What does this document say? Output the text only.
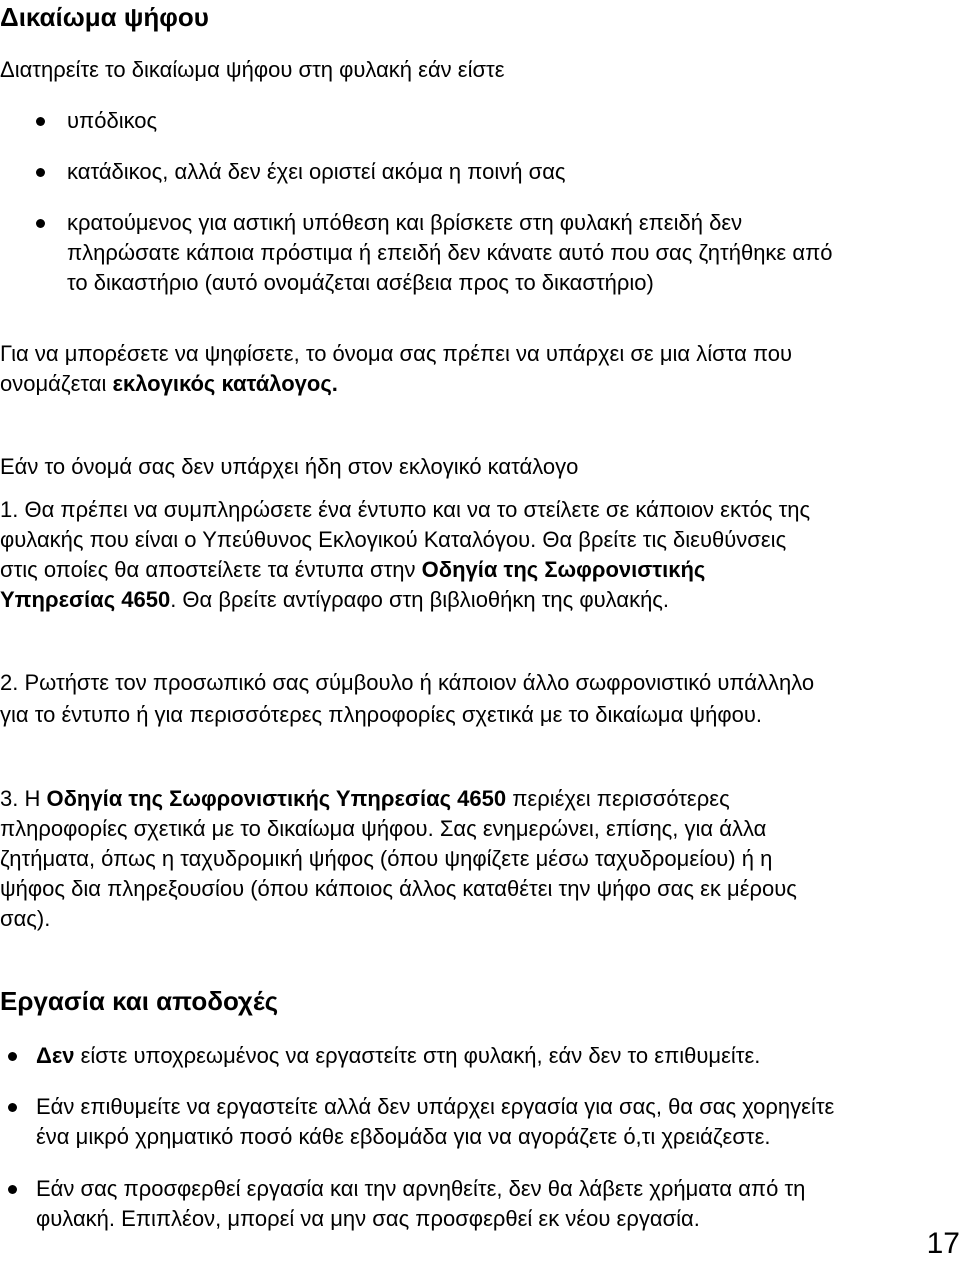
Δικαίωμα ψήφου
Διατηρείτε το δικαίωμα ψήφου στη φυλακή εάν είστε
υπόδικος
κατάδικος, αλλά δεν έχει οριστεί ακόμα η ποινή σας
κρατούμενος για αστική υπόθεση και βρίσκετε στη φυλακή επειδή δεν
πληρώσατε κάποια πρόστιμα ή επειδή δεν κάνατε αυτό που σας ζητήθηκε από
το δικαστήριο (αυτό ονομάζεται ασέβεια προς το δικαστήριο)
Για να μπορέσετε να ψηφίσετε, το όνομα σας πρέπει να υπάρχει σε μια λίστα που
ονομάζεται εκλογικός κατάλογος.
Εάν το όνομά σας δεν υπάρχει ήδη στον εκλογικό κατάλογο
1. Θα πρέπει να συμπληρώσετε ένα έντυπο και να το στείλετε σε κάποιον εκτός της
φυλακής που είναι ο Υπεύθυνος Εκλογικού Καταλόγου. Θα βρείτε τις διευθύνσεις
στις οποίες θα αποστείλετε τα έντυπα στην Οδηγία της Σωφρονιστικής
Υπηρεσίας 4650. Θα βρείτε αντίγραφο στη βιβλιοθήκη της φυλακής.
2. Ρωτήστε τον προσωπικό σας σύμβουλο ή κάποιον άλλο σωφρονιστικό υπάλληλο
για το έντυπο ή για περισσότερες πληροφορίες σχετικά με το δικαίωμα ψήφου.
3. Η Οδηγία της Σωφρονιστικής Υπηρεσίας 4650 περιέχει περισσότερες
πληροφορίες σχετικά με το δικαίωμα ψήφου. Σας ενημερώνει, επίσης, για άλλα
ζητήματα, όπως η ταχυδρομική ψήφος (όπου ψηφίζετε μέσω ταχυδρομείου) ή η
ψήφος δια πληρεξουσίου (όπου κάποιος άλλος καταθέτει την ψήφο σας εκ μέρους
σας).
Εργασία και αποδοχές
Δεν είστε υποχρεωμένος να εργαστείτε στη φυλακή, εάν δεν το επιθυμείτε.
Εάν επιθυμείτε να εργαστείτε αλλά δεν υπάρχει εργασία για σας, θα σας χορηγείτε
ένα μικρό χρηματικό ποσό κάθε εβδομάδα για να αγοράζετε ό,τι χρειάζεστε.
Εάν σας προσφερθεί εργασία και την αρνηθείτε, δεν θα λάβετε χρήματα από τη
φυλακή. Επιπλέον, μπορεί να μην σας προσφερθεί εκ νέου εργασία.
17
